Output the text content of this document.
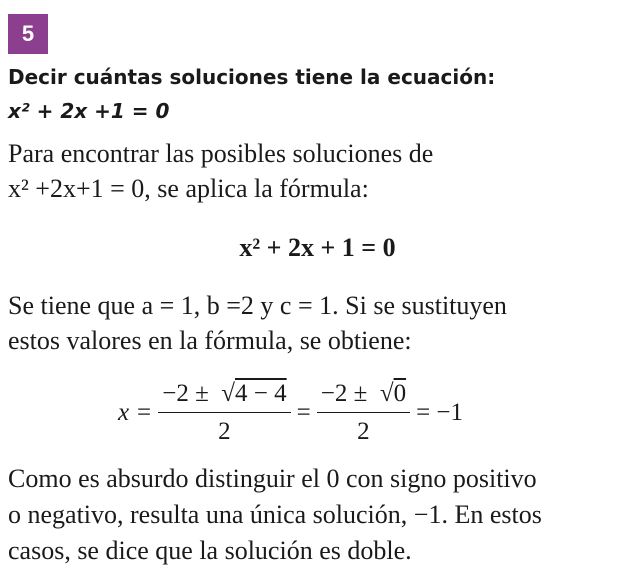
5
Decir cuántas soluciones tiene la ecuación:
x² + 2x +1 = 0
Para encontrar las posibles soluciones de
x² +2x+1 = 0, se aplica la fórmula:
x² + 2x + 1 = 0
Se tiene que a = 1, b =2 y c = 1. Si se sustituyen
estos valores en la fórmula, se obtiene:
$x = \frac{-2 \pm √4 - 4}{2} = \frac{-2 \pm √0}{2} = -1$
Como es absurdo distinguir el 0 con signo positivo
o negativo, resulta una única solución, −1. En estos
casos, se dice que la solución es doble.
